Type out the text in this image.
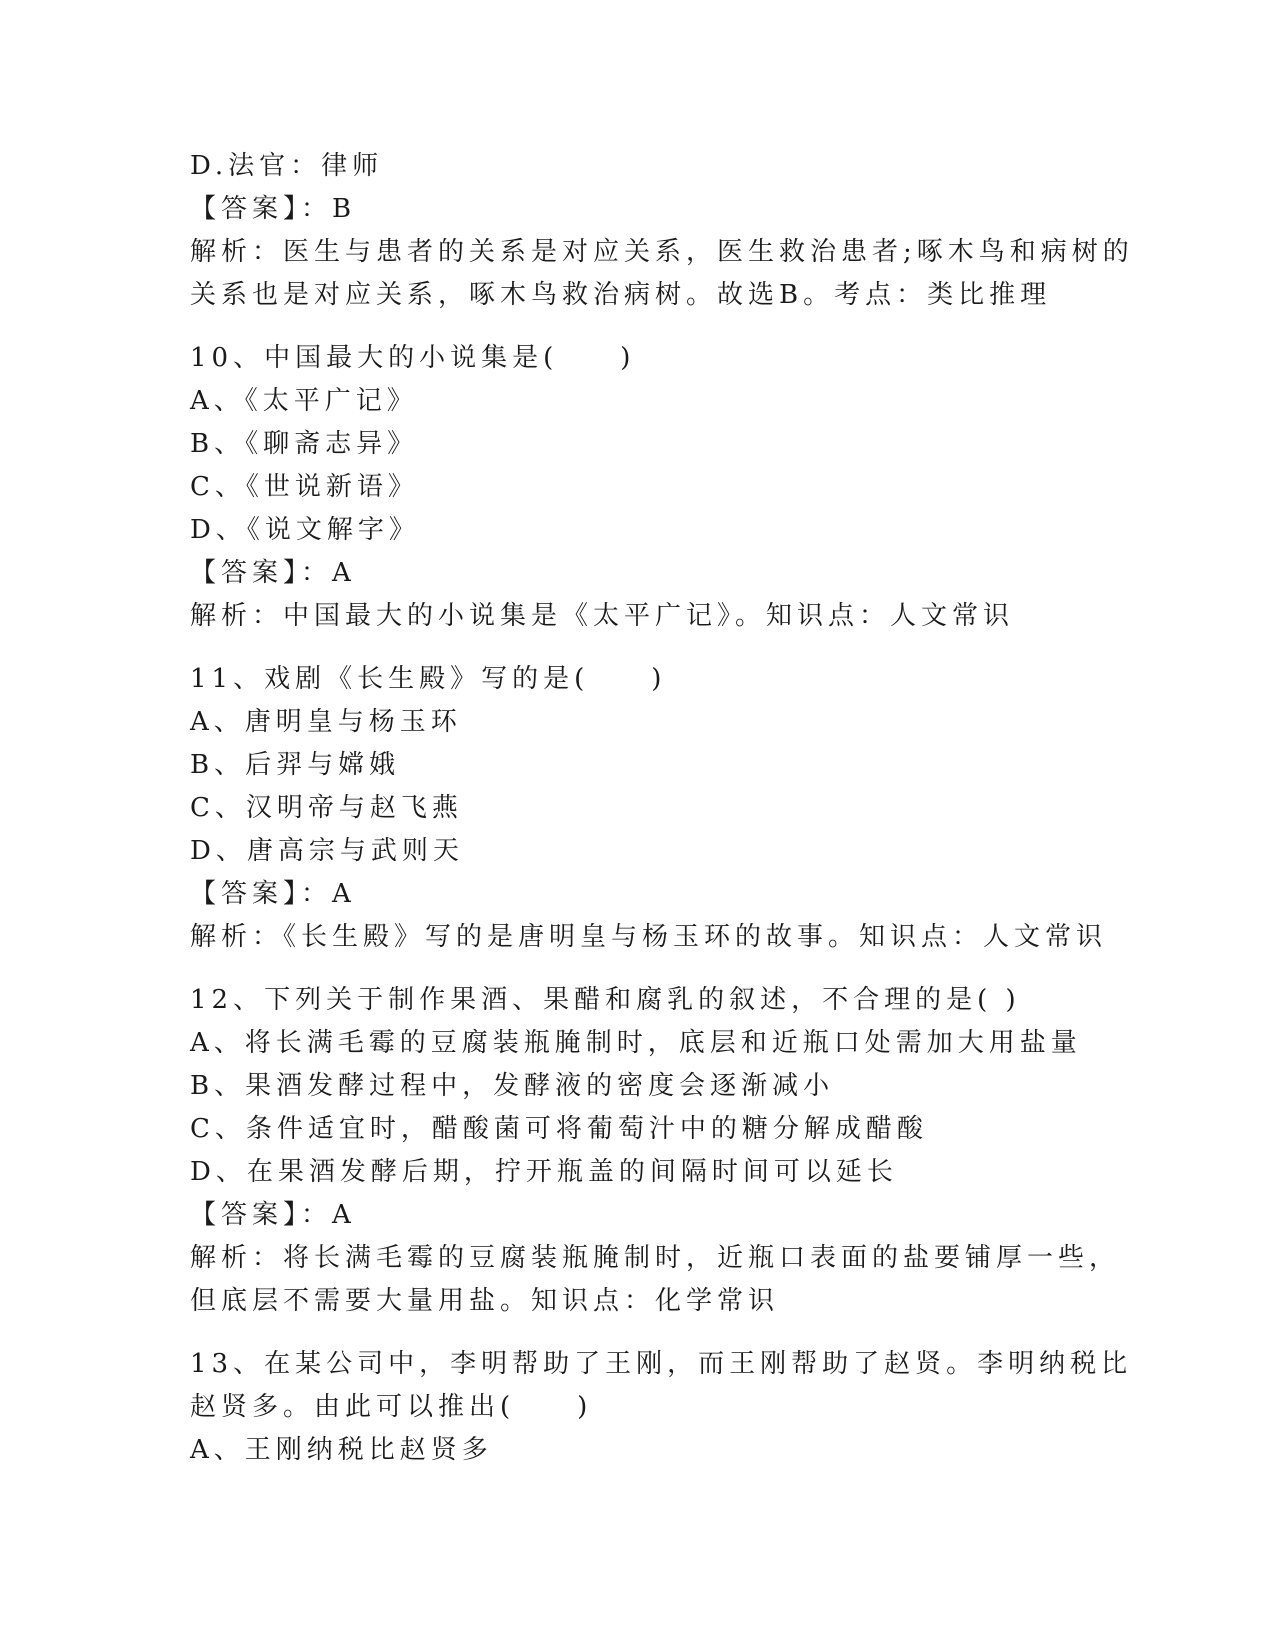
D.法官：律师
【答案】：B
解析：医生与患者的关系是对应关系，医生救治患者;啄木鸟和病树的
关系也是对应关系，啄木鸟救治病树。故选B。考点：类比推理
10、中国最大的小说集是(　　)
A、《太平广记》
B、《聊斋志异》
C、《世说新语》
D、《说文解字》
【答案】：A
解析：中国最大的小说集是《太平广记》。知识点：人文常识
11、戏剧《长生殿》写的是(　　)
A、唐明皇与杨玉环
B、后羿与嫦娥
C、汉明帝与赵飞燕
D、唐高宗与武则天
【答案】：A
解析：《长生殿》写的是唐明皇与杨玉环的故事。知识点：人文常识
12、下列关于制作果酒、果醋和腐乳的叙述，不合理的是( )
A、将长满毛霉的豆腐装瓶腌制时，底层和近瓶口处需加大用盐量
B、果酒发酵过程中，发酵液的密度会逐渐减小
C、条件适宜时，醋酸菌可将葡萄汁中的糖分解成醋酸
D、在果酒发酵后期，拧开瓶盖的间隔时间可以延长
【答案】：A
解析：将长满毛霉的豆腐装瓶腌制时，近瓶口表面的盐要铺厚一些，
但底层不需要大量用盐。知识点：化学常识
13、在某公司中，李明帮助了王刚，而王刚帮助了赵贤。李明纳税比
赵贤多。由此可以推出(　　)
A、王刚纳税比赵贤多
